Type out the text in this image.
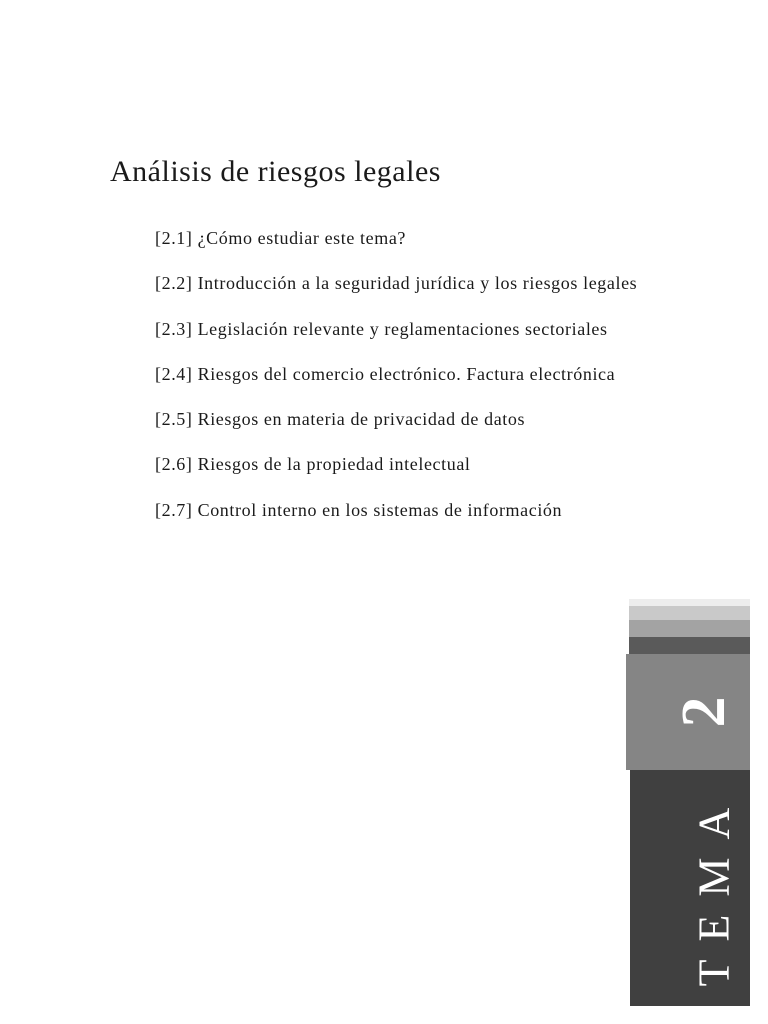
Análisis de riesgos legales
[2.1] ¿Cómo estudiar este tema?
[2.2] Introducción a la seguridad jurídica y los riesgos legales
[2.3] Legislación relevante y reglamentaciones sectoriales
[2.4] Riesgos del comercio electrónico. Factura electrónica
[2.5] Riesgos en materia de privacidad de datos
[2.6] Riesgos de la propiedad intelectual
[2.7] Control interno en los sistemas de información
2
TEMA
